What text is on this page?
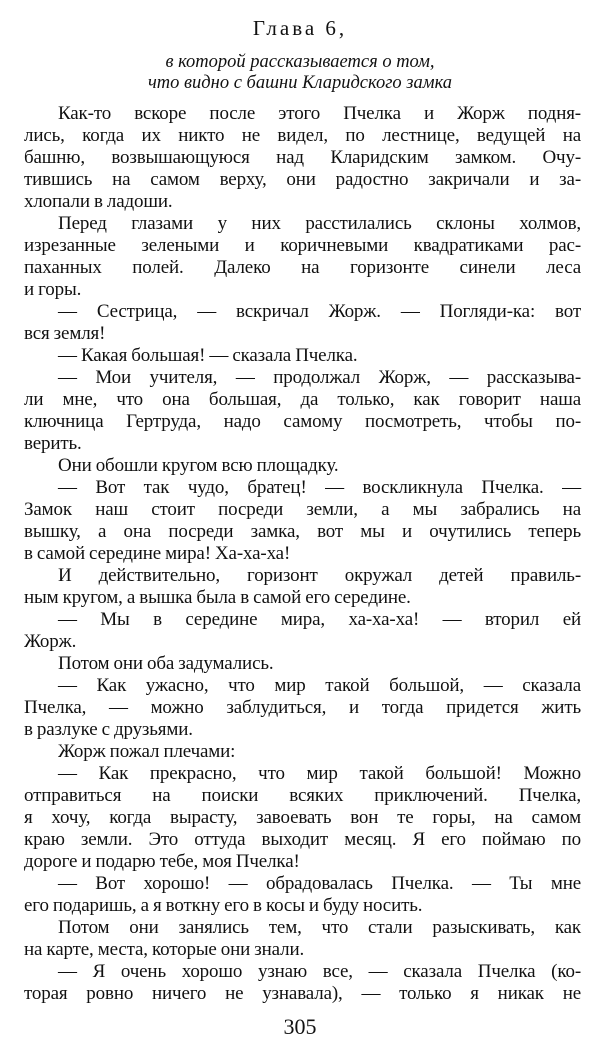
Глава 6,
в которой рассказывается о том,
что видно с башни Кларидского замка
Как-то вскоре после этого Пчелка и Жорж подня-
лись, когда их никто не видел, по лестнице, ведущей на
башню, возвышающуюся над Кларидским замком. Очу-
тившись на самом верху, они радостно закричали и за-
хлопали в ладоши.
Перед глазами у них расстилались склоны холмов,
изрезанные зелеными и коричневыми квадратиками рас-
паханных полей. Далеко на горизонте синели леса
и горы.
— Сестрица, — вскричал Жорж. — Погляди-ка: вот
вся земля!
— Какая большая! — сказала Пчелка.
— Мои учителя, — продолжал Жорж, — рассказыва-
ли мне, что она большая, да только, как говорит наша
ключница Гертруда, надо самому посмотреть, чтобы по-
верить.
Они обошли кругом всю площадку.
— Вот так чудо, братец! — воскликнула Пчелка. —
Замок наш стоит посреди земли, а мы забрались на
вышку, а она посреди замка, вот мы и очутились теперь
в самой середине мира! Ха-ха-ха!
И действительно, горизонт окружал детей правиль-
ным кругом, а вышка была в самой его середине.
— Мы в середине мира, ха-ха-ха! — вторил ей
Жорж.
Потом они оба задумались.
— Как ужасно, что мир такой большой, — сказала
Пчелка, — можно заблудиться, и тогда придется жить
в разлуке с друзьями.
Жорж пожал плечами:
— Как прекрасно, что мир такой большой! Можно
отправиться на поиски всяких приключений. Пчелка,
я хочу, когда вырасту, завоевать вон те горы, на самом
краю земли. Это оттуда выходит месяц. Я его поймаю по
дороге и подарю тебе, моя Пчелка!
— Вот хорошо! — обрадовалась Пчелка. — Ты мне
его подаришь, а я воткну его в косы и буду носить.
Потом они занялись тем, что стали разыскивать, как
на карте, места, которые они знали.
— Я очень хорошо узнаю все, — сказала Пчелка (ко-
торая ровно ничего не узнавала), — только я никак не
305
